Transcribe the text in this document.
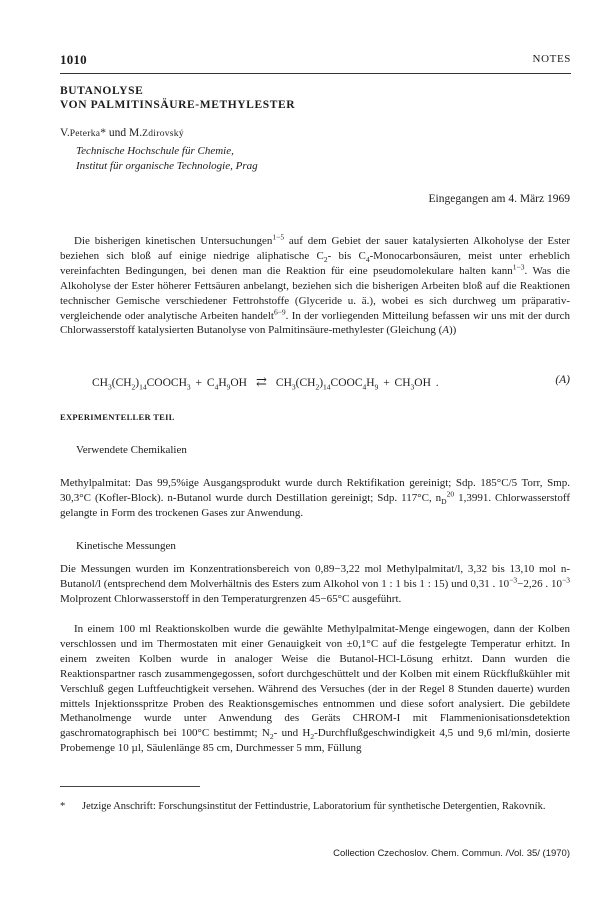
1010	NOTES
BUTANOLYSE
VON PALMITINSÄURE-METHYLESTER
V.Peterka* und M.Zdirovský
Technische Hochschule für Chemie,
Institut für organische Technologie, Prag
Eingegangen am 4. März 1969

Die bisherigen kinetischen Untersuchungen$^{1-5}$ auf dem Gebiet der sauer katalysierten Alkoholyse der Ester beziehen sich bloß auf einige niedrige aliphatische $C_2-$ bis $C_4$-Monocarbonsäuren, meist unter erheblich vereinfachten Bedingungen, bei denen man die Reaktion für eine pseudomolekulare halten kann$^{1-3}$. Was die Alkoholyse der Ester höherer Fettsäuren anbelangt, beziehen sich die bisherigen Arbeiten bloß auf die Reaktionen technischer Gemische verschiedener Fettrohstoffe (Glyceride u. ä.), wobei es sich durchweg um präparativ-vergleichende oder analytische Arbeiten handelt$^{6-9}$. In der vorliegenden Mitteilung befassen wir uns mit der durch Chlorwasserstoff katalysierten Butanolyse von Palmitinsäure-methylester (Gleichung (A))

$CH_3(CH_2)_{14}COOCH_3 + C_4H_9OH$ ⇄ $CH_3(CH_2)_{14}COOC_4H_9 + CH_3OH$ .	(A)
EXPERIMENTELLER TEIL
Verwendete Chemikalien

Methylpalmitat: Das 99,5%ige Ausgangsprodukt wurde durch Rektifikation gereinigt; Sdp. 185°C/5 Torr, Smp. 30,3°C (Kofler-Block). n-Butanol wurde durch Destillation gereinigt; Sdp. 117°C, $n_D^{20}$ 1,3991. Chlorwasserstoff gelangte in Form des trockenen Gases zur Anwendung.

Kinetische Messungen

Die Messungen wurden im Konzentrationsbereich von 0,89−3,22 mol Methylpalmitat/l, 3,32 bis 13,10 mol n-Butanol/l (entsprechend dem Molverhältnis des Esters zum Alkohol von 1 : 1 bis 1 : 15) und 0,31 . $10^{-3}-2,26$ . $10^{-3}$ Molprozent Chlorwasserstoff in den Temperaturgrenzen 45−65°C ausgeführt.

In einem 100 ml Reaktionskolben wurde die gewählte Methylpalmitat-Menge eingewogen, dann der Kolben verschlossen und im Thermostaten mit einer Genauigkeit von ±0,1°C auf die festgelegte Temperatur erhitzt. In einem zweiten Kolben wurde in analoger Weise die Butanol-HCl-Lösung erhitzt. Dann wurden die Reaktionspartner rasch zusammengegossen, sofort durchgeschüttelt und der Kolben mit einem Rückflußkühler mit Verschluß gegen Luftfeuchtigkeit versehen. Während des Versuches (der in der Regel 8 Stunden dauerte) wurden mittels Injektionsspritze Proben des Reaktionsgemisches entnommen und diese sofort analysiert. Die gebildete Methanolmenge wurde unter Anwendung des Geräts CHROM-I mit Flammenionisationsdetektion gaschromatographisch bei 100°C bestimmt; $N_2-$ und $H_2$-Durchflußgeschwindigkeit 4,5 und 9,6 ml/min, dosierte Probemenge 10 µl, Säulenlänge 85 cm, Durchmesser 5 mm, Füllung

* Jetzige Anschrift: Forschungsinstitut der Fettindustrie, Laboratorium für synthetische Detergentien, Rakovník.

Collection Czechoslov. Chem. Commun. /Vol. 35/ (1970)
